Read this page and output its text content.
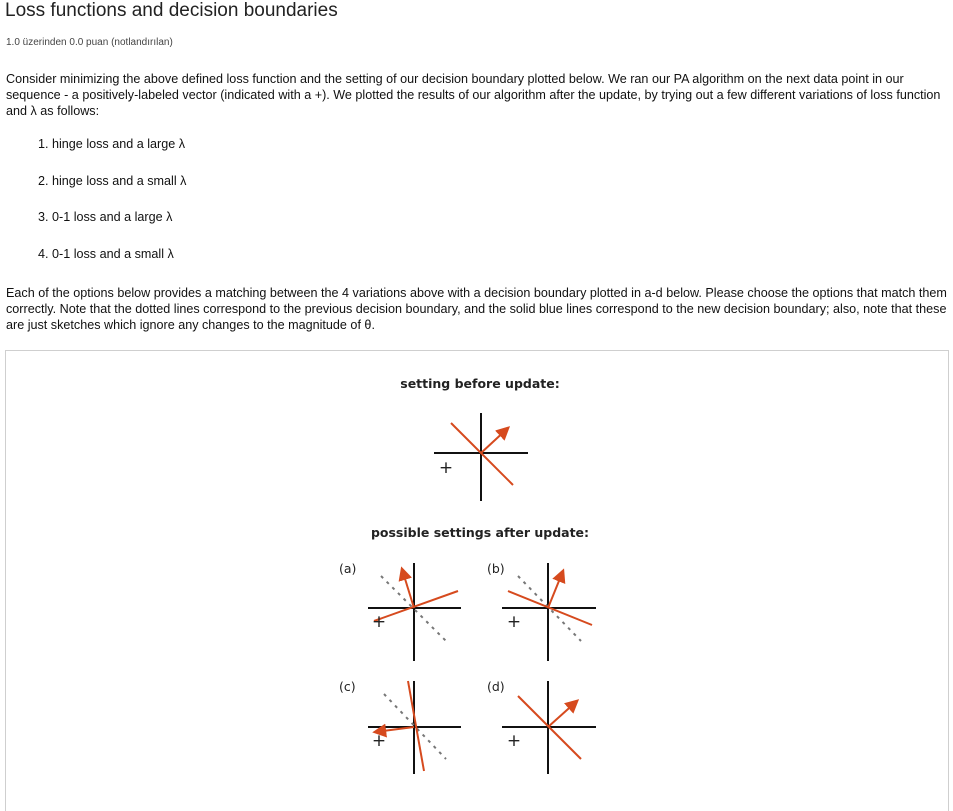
Loss functions and decision boundaries
1.0 üzerinden 0.0 puan (notlandırılan)
Consider minimizing the above defined loss function and the setting of our decision boundary plotted below. We ran our PA algorithm on the next data point in our sequence - a positively-labeled vector (indicated with a +). We plotted the results of our algorithm after the update, by trying out a few different variations of loss function and λ as follows:
1. hinge loss and a large λ
2. hinge loss and a small λ
3. 0-1 loss and a large λ
4. 0-1 loss and a small λ
Each of the options below provides a matching between the 4 variations above with a decision boundary plotted in a-d below. Please choose the options that match them correctly. Note that the dotted lines correspond to the previous decision boundary, and the solid blue lines correspond to the new decision boundary; also, note that these are just sketches which ignore any changes to the magnitude of θ.
setting before update:
possible settings after update:
+
(a)
+
(b)
+
(c)
+
(d)
+
